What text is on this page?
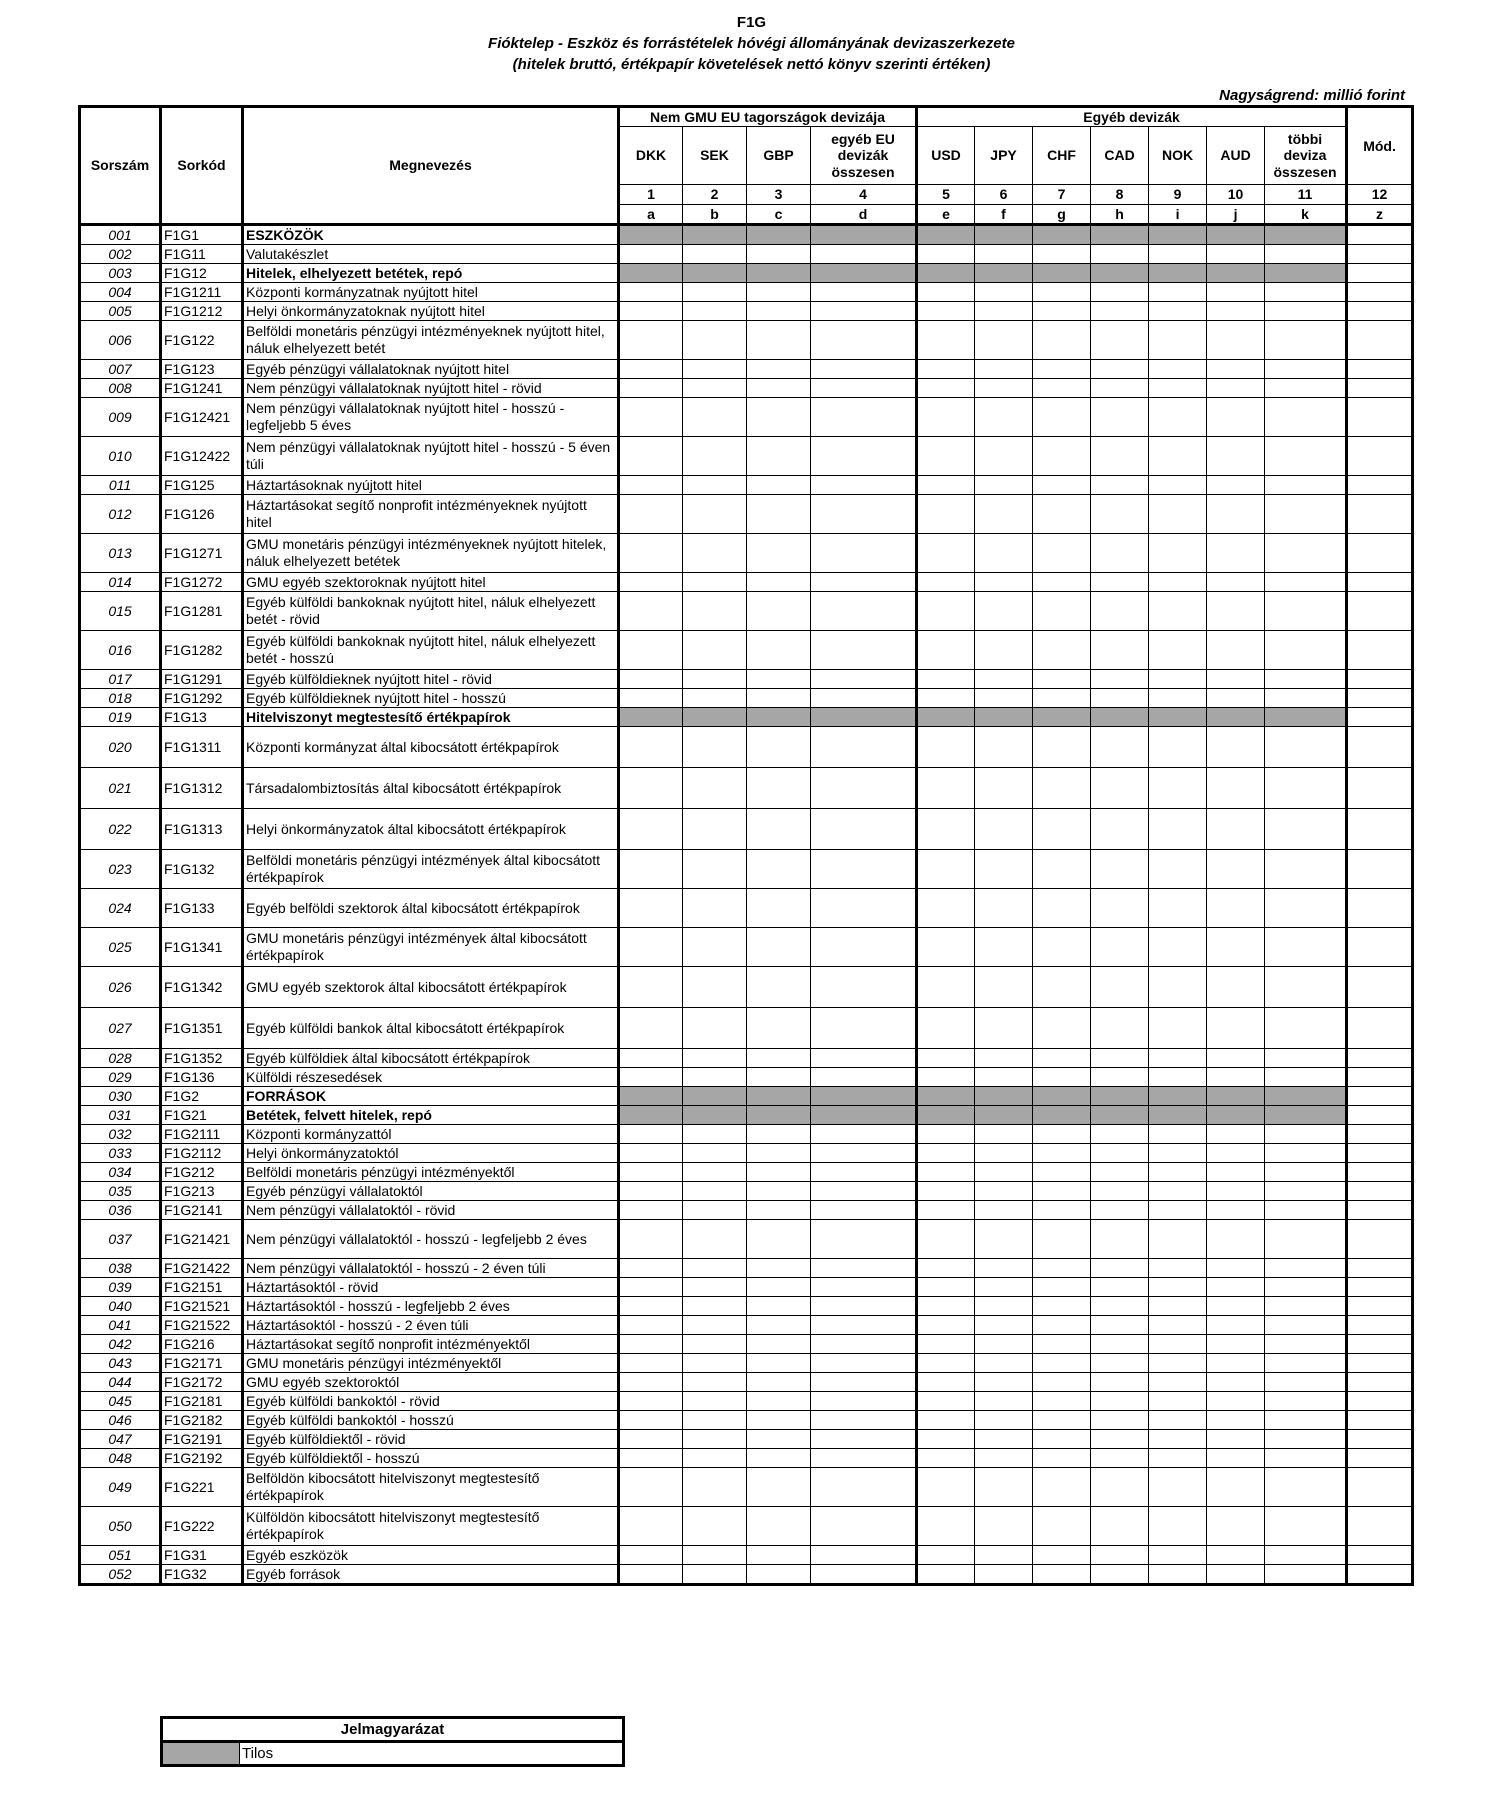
F1G
Fióktelep - Eszköz és forrástételek hóvégi állományának devizaszerkezete
(hitelek bruttó, értékpapír követelések nettó könyv szerinti értéken)
Nagyságrend: millió forint
Sorszám	Sorkód	Megnevezés	Nem GMU EU tagországok devizája				Egyéb devizák							Mód.
			DKK	SEK	GBP	egyéb EU devizák összesen	USD	JPY	CHF	CAD	NOK	AUD	többi deviza összesen	
			1	2	3	4	5	6	7	8	9	10	11	12
			a	b	c	d	e	f	g	h	i	j	k	z
001	F1G1	ESZKÖZÖK												
002	F1G11	Valutakészlet												
003	F1G12	Hitelek, elhelyezett betétek, repó												
004	F1G1211	Központi kormányzatnak nyújtott hitel												
005	F1G1212	Helyi önkormányzatoknak nyújtott hitel												
006	F1G122	Belföldi monetáris pénzügyi intézményeknek nyújtott hitel, náluk elhelyezett betét												
007	F1G123	Egyéb pénzügyi vállalatoknak nyújtott hitel												
008	F1G1241	Nem pénzügyi vállalatoknak nyújtott hitel - rövid												
009	F1G12421	Nem pénzügyi vállalatoknak nyújtott hitel - hosszú - legfeljebb 5 éves												
010	F1G12422	Nem pénzügyi vállalatoknak nyújtott hitel - hosszú - 5 éven túli												
011	F1G125	Háztartásoknak nyújtott hitel												
012	F1G126	Háztartásokat segítő nonprofit intézményeknek nyújtott hitel												
013	F1G1271	GMU monetáris pénzügyi intézményeknek nyújtott hitelek, náluk elhelyezett betétek												
014	F1G1272	GMU egyéb szektoroknak nyújtott hitel												
015	F1G1281	Egyéb külföldi bankoknak nyújtott hitel, náluk elhelyezett betét - rövid												
016	F1G1282	Egyéb külföldi bankoknak nyújtott hitel, náluk elhelyezett betét - hosszú												
017	F1G1291	Egyéb külföldieknek nyújtott hitel - rövid												
018	F1G1292	Egyéb külföldieknek nyújtott hitel - hosszú												
019	F1G13	Hitelviszonyt megtestesítő értékpapírok												
020	F1G1311	Központi kormányzat által kibocsátott értékpapírok												
021	F1G1312	Társadalombiztosítás által kibocsátott értékpapírok												
022	F1G1313	Helyi önkormányzatok által kibocsátott értékpapírok												
023	F1G132	Belföldi monetáris pénzügyi intézmények által kibocsátott értékpapírok												
024	F1G133	Egyéb belföldi szektorok által kibocsátott értékpapírok												
025	F1G1341	GMU monetáris pénzügyi intézmények által kibocsátott értékpapírok												
026	F1G1342	GMU egyéb szektorok által kibocsátott értékpapírok												
027	F1G1351	Egyéb külföldi bankok által kibocsátott értékpapírok												
028	F1G1352	Egyéb külföldiek által kibocsátott értékpapírok												
029	F1G136	Külföldi részesedések												
030	F1G2	FORRÁSOK												
031	F1G21	Betétek, felvett hitelek, repó												
032	F1G2111	Központi kormányzattól												
033	F1G2112	Helyi önkormányzatoktól												
034	F1G212	Belföldi monetáris pénzügyi intézményektől												
035	F1G213	Egyéb pénzügyi vállalatoktól												
036	F1G2141	Nem pénzügyi vállalatoktól - rövid												
037	F1G21421	Nem pénzügyi vállalatoktól - hosszú - legfeljebb 2 éves												
038	F1G21422	Nem pénzügyi vállalatoktól - hosszú - 2 éven túli												
039	F1G2151	Háztartásoktól - rövid												
040	F1G21521	Háztartásoktól - hosszú - legfeljebb 2 éves												
041	F1G21522	Háztartásoktól - hosszú - 2 éven túli												
042	F1G216	Háztartásokat segítő nonprofit intézményektől												
043	F1G2171	GMU monetáris pénzügyi intézményektől												
044	F1G2172	GMU egyéb szektoroktól												
045	F1G2181	Egyéb külföldi bankoktól - rövid												
046	F1G2182	Egyéb külföldi bankoktól - hosszú												
047	F1G2191	Egyéb külföldiektől - rövid												
048	F1G2192	Egyéb külföldiektől - hosszú												
049	F1G221	Belföldön kibocsátott hitelviszonyt megtestesítő értékpapírok												
050	F1G222	Külföldön kibocsátott hitelviszonyt megtestesítő értékpapírok												
051	F1G31	Egyéb eszközök												
052	F1G32	Egyéb források												
Jelmagyarázat
	Tilos
